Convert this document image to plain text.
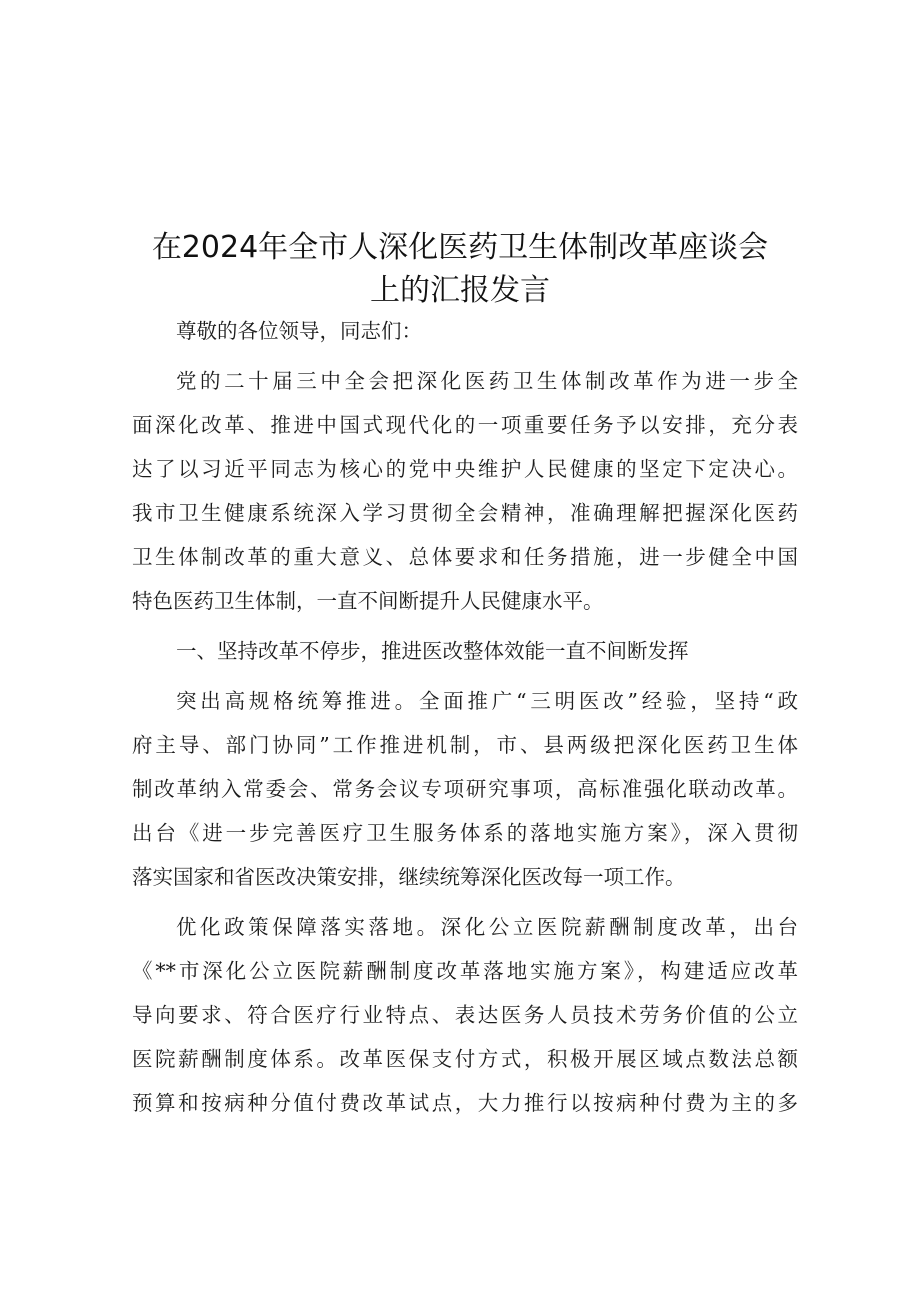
在2024年全市人深化医药卫生体制改革座谈会
上的汇报发言
尊敬的各位领导，同志们：
党的二十届三中全会把深化医药卫生体制改革作为进一步全
面深化改革、推进中国式现代化的一项重要任务予以安排，充分表
达了以习近平同志为核心的党中央维护人民健康的坚定下定决心。
我市卫生健康系统深入学习贯彻全会精神，准确理解把握深化医药
卫生体制改革的重大意义、总体要求和任务措施，进一步健全中国
特色医药卫生体制，一直不间断提升人民健康水平。
一、坚持改革不停步，推进医改整体效能一直不间断发挥
突出高规格统筹推进。全面推广“三明医改”经验，坚持“政
府主导、部门协同”工作推进机制，市、县两级把深化医药卫生体
制改革纳入常委会、常务会议专项研究事项，高标准强化联动改革。
出台《进一步完善医疗卫生服务体系的落地实施方案》，深入贯彻
落实国家和省医改决策安排，继续统筹深化医改每一项工作。
优化政策保障落实落地。深化公立医院薪酬制度改革，出台
《**市深化公立医院薪酬制度改革落地实施方案》，构建适应改革
导向要求、符合医疗行业特点、表达医务人员技术劳务价值的公立
医院薪酬制度体系。改革医保支付方式，积极开展区域点数法总额
预算和按病种分值付费改革试点，大力推行以按病种付费为主的多
